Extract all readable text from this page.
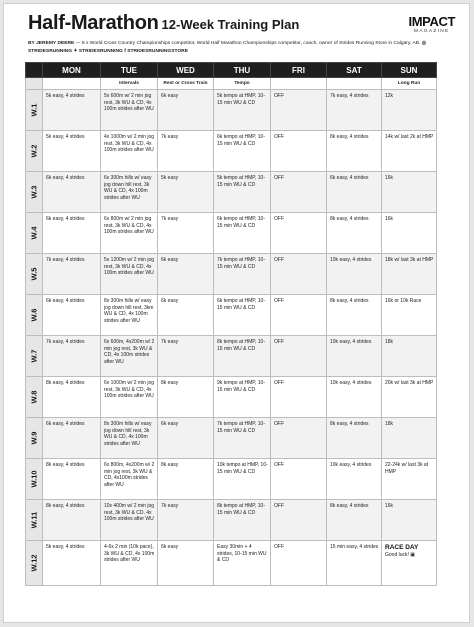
Half-Marathon 12-Week Training Plan	IMPACT
MAGAZINE
BY JEREMY DEERE — 8 x World Cross Country Championships competitor, World Half Marathon Championships competitor, coach, owner of Strides Running Store in Calgary, AB. ◎ STRIDESRUNNING ✦ STRIDESRUNNING f STRIDESRUNNINGSTORE
	MON	TUE	WED	THU	FRI	SAT	SUN
		Intervals	Rest or Cross Train	Tempo			Long Run

W.1	5k easy, 4 strides	5x 600m w/ 2 min jog rest, 3k WU & CD, 4x 100m strides after WU	6k easy	5k tempo at HMP, 10-15 min WU & CD	OFF	7k easy, 4 strides	12k

W.2	5k easy, 4 strides	4x 1000m w/ 2 min jog rest, 3k WU & CD, 4x 100m strides after WU	7k easy	6k tempo at HMP, 10-15 min WU & CD	OFF	8k easy, 4 strides	14k w/ last 2k at HMP

W.3	6k easy, 4 strides	6x 300m hills w/ easy jog down hill rest, 3k WU & CD, 4x 100m strides after WU	5k easy	5k tempo at HMP, 10-15 min WU & CD	OFF	6k easy, 4 strides	16k

W.4	6k easy, 4 strides	6x 800m w/ 2 min jog rest, 3k WU & CD, 4x 100m strides after WU	7k easy	6k tempo at HMP, 10-15 min WU & CD	OFF	8k easy, 4 strides	16k

W.5	7k easy, 4 strides	5x 1200m w/ 2 min jog rest, 3k WU & CD, 4x 100m strides after WU	6k easy	7k tempo at HMP, 10-15 min WU & CD	OFF	10k easy, 4 strides	18k w/ last 3k at HMP

W.6	6k easy, 4 strides	8x 300m hills w/ easy jog down hill rest, 3km WU & CD, 4x 100m strides after WU	6k easy	6k tempo at HMP, 10-15 min WU & CD	OFF	8k easy, 4 strides	16k or 10k Race

W.7	7k easy, 4 strides	6x 600m, 4x200m w/ 2 min jog rest, 3k WU & CD, 4x 100m strides after WU	7k easy	8k tempo at HMP, 10-15 min WU & CD	OFF	10k easy, 4 strides	18k

W.8	8k easy, 4 strides	6x 1000m w/ 2 min jog rest, 3k WU & CD, 4x 100m strides after WU	8k easy	9k tempo at HMP, 10-15 min WU & CD	OFF	10k easy, 4 strides	20k w/ last 3k at HMP

W.9	6k easy, 4 strides	8x 300m hills w/ easy jog down hill rest, 3k WU & CD, 4x 100m strides after WU	6k easy	7k tempo at HMP, 10-15 min WU & CD	OFF	8k easy, 4 strides	18k

W.10	8k easy, 4 strides	6x 800m, 4x200m w/ 2 min jog rest, 3k WU & CD, 4x100m strides after WU	8k easy	10k tempo at HMP, 10-15 min WU & CD	OFF	10k easy, 4 strides	22-24k w/ last 3k at HMP

W.11	8k easy, 4 strides	10x 400m w/ 2 min jog rest, 3k WU & CD, 4x 100m strides after WU	7k easy	8k tempo at HMP, 10-15 min WU & CD	OFF	8k easy, 4 strides	16k

W.12	5k easy, 4 strides	4-6x 2 min (10k pace), 3k WU & CD, 4x 100m strides after WU	6k easy	Easy 30min + 4 strides, 10-15 min WU & CD	OFF	15 min easy, 4 strides	RACE DAY
Good luck! ▣
